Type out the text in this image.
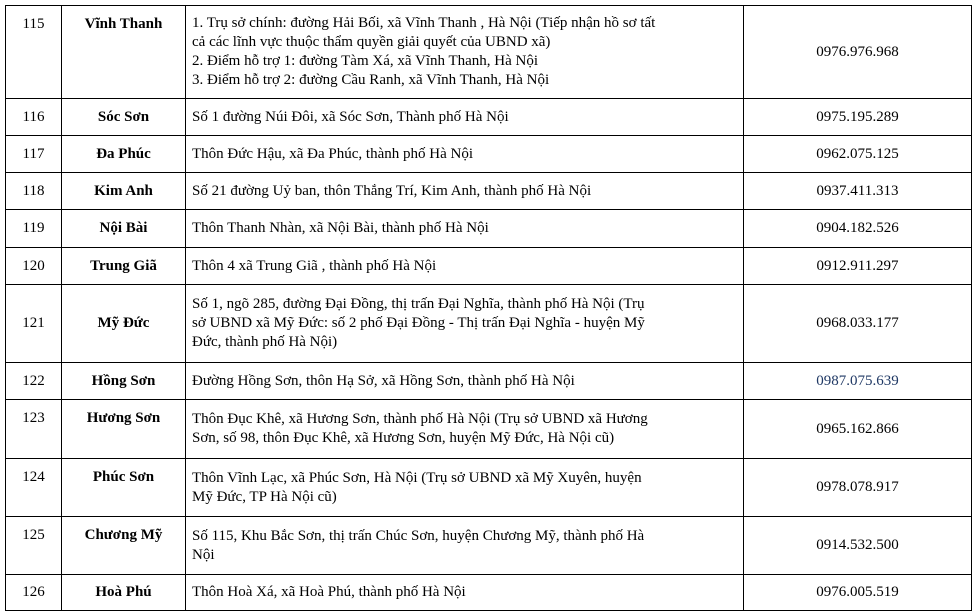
115	Vĩnh Thanh	1. Trụ sở chính: đường Hải Bối, xã Vĩnh Thanh , Hà Nội (Tiếp nhận hồ sơ tất
cả các lĩnh vực thuộc thẩm quyền giải quyết của UBND xã)
2. Điểm hỗ trợ 1: đường Tàm Xá, xã Vĩnh Thanh, Hà Nội
3. Điểm hỗ trợ 2: đường Cầu Ranh, xã Vĩnh Thanh, Hà Nội	0976.976.968
116	Sóc Sơn	Số 1 đường Núi Đôi, xã Sóc Sơn, Thành phố Hà Nội	0975.195.289
117	Đa Phúc	Thôn Đức Hậu, xã Đa Phúc, thành phố Hà Nội	0962.075.125
118	Kim Anh	Số 21 đường Uỷ ban, thôn Thắng Trí, Kim Anh, thành phố Hà Nội	0937.411.313
119	Nội Bài	Thôn Thanh Nhàn, xã Nội Bài, thành phố Hà Nội	0904.182.526
120	Trung Giã	Thôn 4 xã Trung Giã , thành phố Hà Nội	0912.911.297
121	Mỹ Đức	Số 1, ngõ 285, đường Đại Đồng, thị trấn Đại Nghĩa, thành phố Hà Nội (Trụ
sở UBND xã Mỹ Đức: số 2 phố Đại Đồng - Thị trấn Đại Nghĩa - huyện Mỹ
Đức, thành phố Hà Nội)	0968.033.177
122	Hồng Sơn	Đường Hồng Sơn, thôn Hạ Sở, xã Hồng Sơn, thành phố Hà Nội	0987.075.639
123	Hương Sơn	Thôn Đục Khê, xã Hương Sơn, thành phố Hà Nội (Trụ sở UBND xã Hương
Sơn, số 98, thôn Đục Khê, xã Hương Sơn, huyện Mỹ Đức, Hà Nội cũ)	0965.162.866
124	Phúc Sơn	Thôn Vĩnh Lạc, xã Phúc Sơn, Hà Nội (Trụ sở UBND xã Mỹ Xuyên, huyện
Mỹ Đức, TP Hà Nội cũ)	0978.078.917
125	Chương Mỹ	Số 115, Khu Bắc Sơn, thị trấn Chúc Sơn, huyện Chương Mỹ, thành phố Hà
Nội	0914.532.500
126	Hoà Phú	Thôn Hoà Xá, xã Hoà Phú, thành phố Hà Nội	0976.005.519
